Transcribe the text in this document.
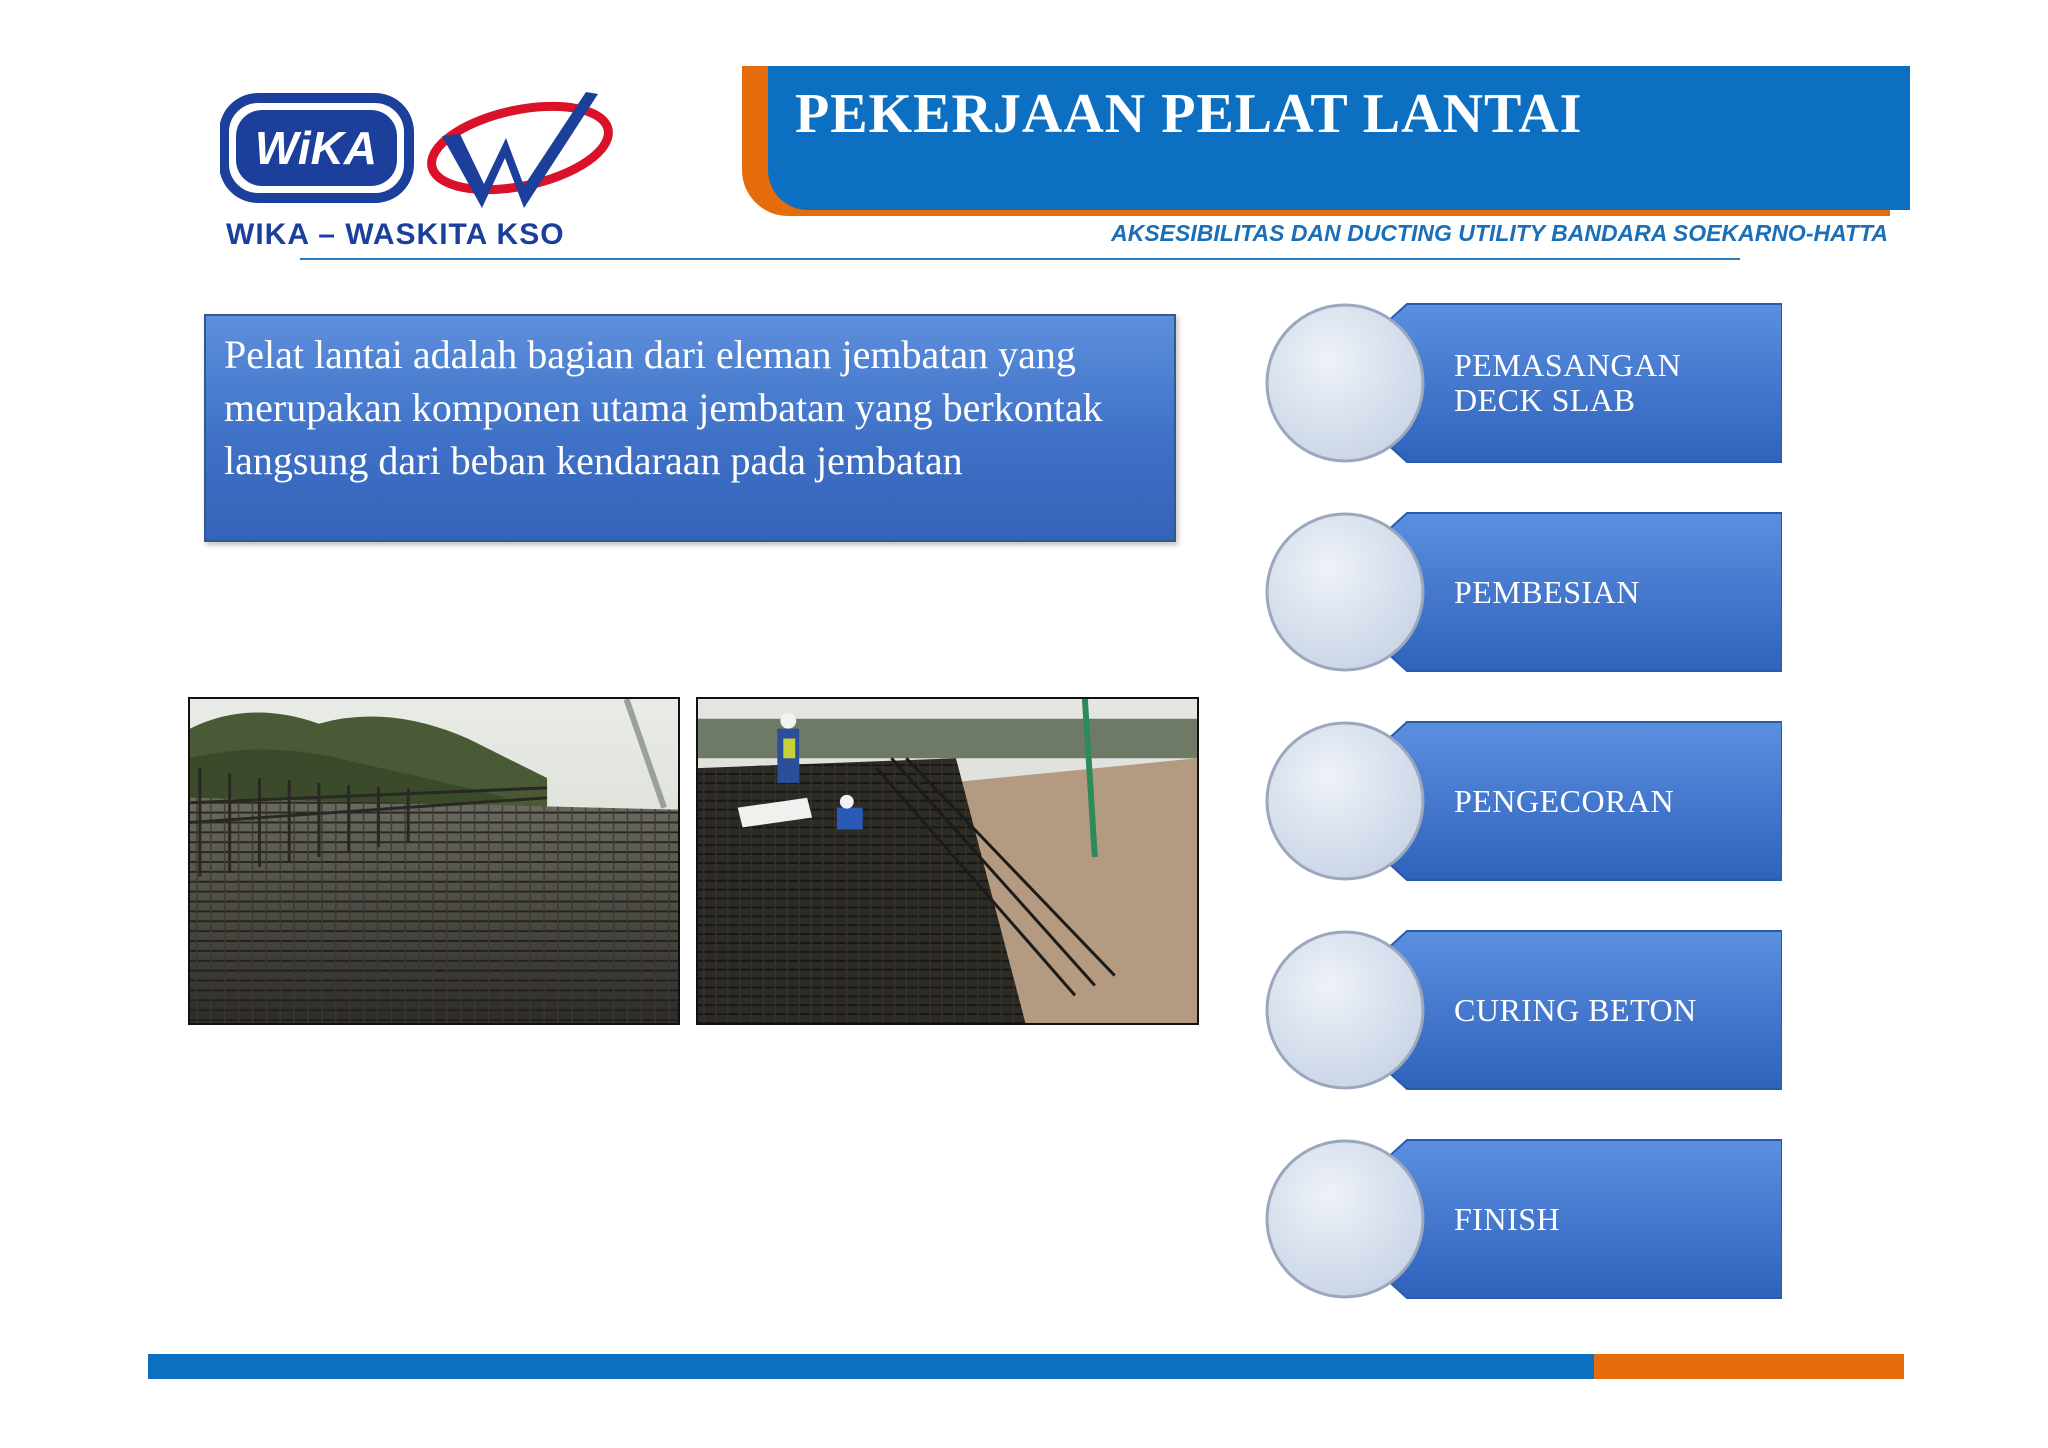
WiKA
WIKA – WASKITA KSO
PEKERJAAN PELAT LANTAI
AKSESIBILITAS DAN DUCTING UTILITY BANDARA SOEKARNO-HATTA
Pelat lantai adalah bagian dari eleman jembatan yang merupakan komponen utama jembatan yang berkontak langsung dari beban kendaraan pada jembatan
PEMASANGAN
DECK SLAB
PEMBESIAN
PENGECORAN
CURING BETON
FINISH
